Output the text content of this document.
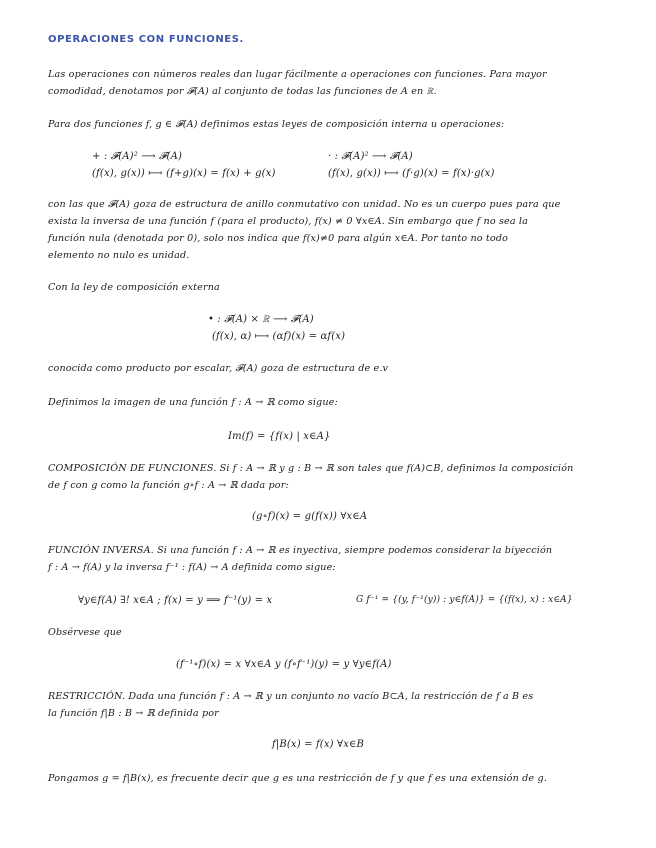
OPERACIONES CON FUNCIONES.
Las operaciones con números reales dan lugar fácilmente a operaciones con funciones. Para mayor
comodidad, denotamos por 𝓕(A) al conjunto de todas las funciones de A en ℝ.
Para dos funciones f, g ∈ 𝓕(A) definimos estas leyes de composición interna u operaciones:
+ : 𝓕(A)² ⟶ 𝓕(A)
(f(x), g(x)) ⟼ (f+g)(x) = f(x) + g(x)
· : 𝓕(A)² ⟶ 𝓕(A)
(f(x), g(x)) ⟼ (f·g)(x) = f(x)·g(x)
con las que 𝓕(A) goza de estructura de anillo conmutativo con unidad. No es un cuerpo pues para que
exista la inversa de una función f (para el producto), f(x) ≠ 0 ∀x∈A. Sin embargo que f no sea la
función nula (denotada por 0), solo nos indica que f(x)≠0 para algún x∈A. Por tanto no todo
elemento no nulo es unidad.
Con la ley de composición externa
• : 𝓕(A) × ℝ ⟶ 𝓕(A)
(f(x), α) ⟼ (αf)(x) = αf(x)
conocida como producto por escalar, 𝓕(A) goza de estructura de e.v
Definimos la imagen de una función f : A → ℝ como sigue:
Im(f) = {f(x) | x∈A}
COMPOSICIÓN DE FUNCIONES. Si f : A → ℝ y g : B → ℝ son tales que f(A)⊂B, definimos la composición
de f con g como la función g∘f : A → ℝ dada por:
(g∘f)(x) = g(f(x)) ∀x∈A
FUNCIÓN INVERSA. Si una función f : A → ℝ es inyectiva, siempre podemos considerar la biyección
f : A → f(A) y la inversa f⁻¹ : f(A) → A definida como sigue:
∀y∈f(A) ∃! x∈A ; f(x) = y ⟹ f⁻¹(y) = x	G f⁻¹ = {(y, f⁻¹(y)) : y∈f(A)} = {(f(x), x) : x∈A}
Obsérvese que
(f⁻¹∘f)(x) = x ∀x∈A y (f∘f⁻¹)(y) = y ∀y∈f(A)
RESTRICCIÓN. Dada una función f : A → ℝ y un conjunto no vacío B⊂A, la restricción de f a B es
la función f|B : B → ℝ definida por
f|B(x) = f(x) ∀x∈B
Pongamos g = f|B(x), es frecuente decir que g es una restricción de f y que f es una extensión de g.
